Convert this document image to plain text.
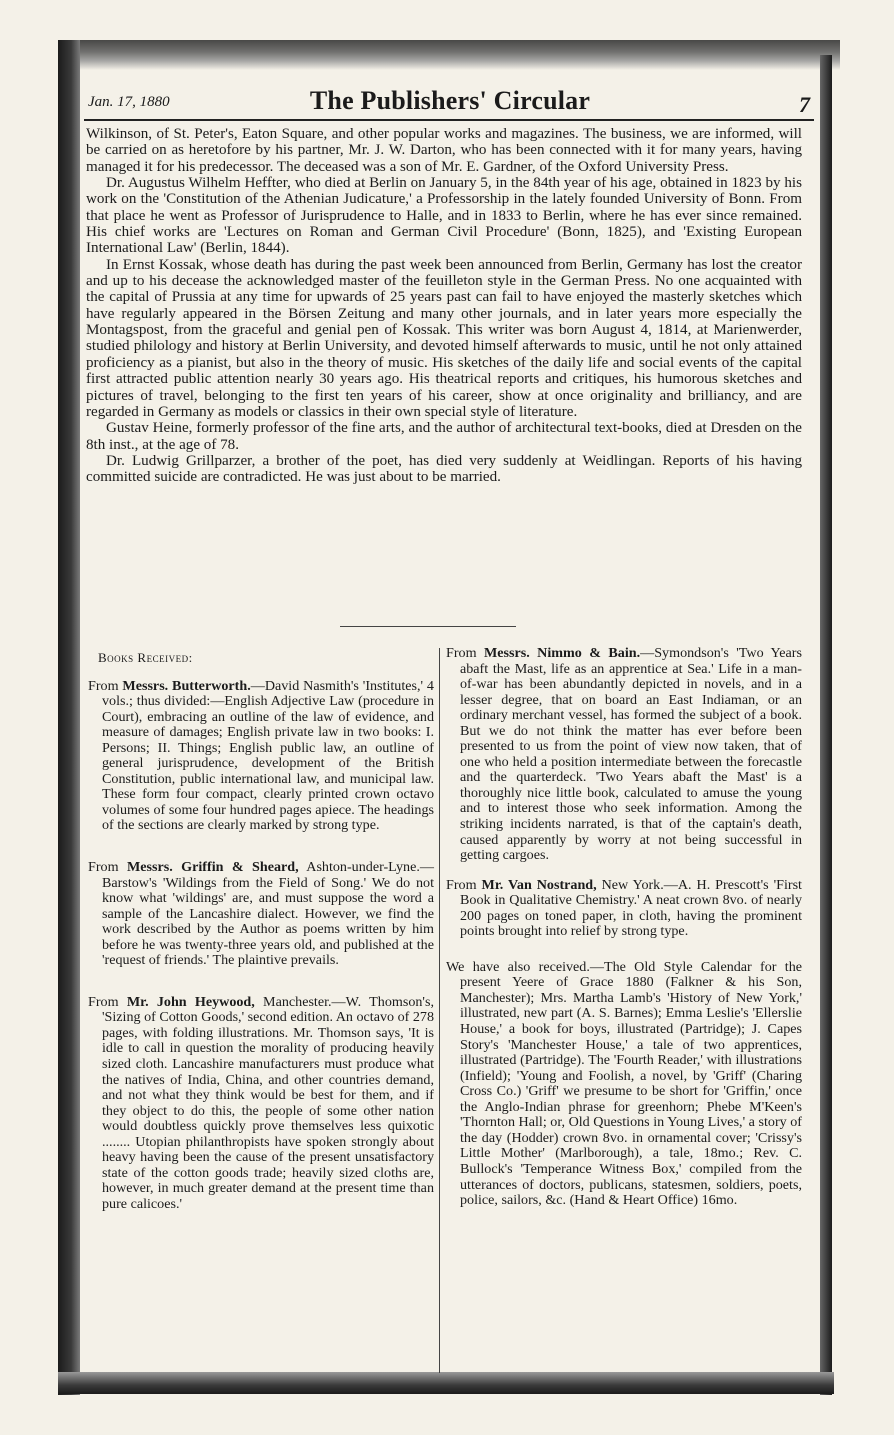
Jan. 17, 1880	The Publishers' Circular	7

Wilkinson, of St. Peter's, Eaton Square, and other popular works and magazines. The business, we are informed, will be carried on as heretofore by his partner, Mr. J. W. Darton, who has been connected with it for many years, having managed it for his predecessor. The deceased was a son of Mr. E. Gardner, of the Oxford University Press.

Dr. Augustus Wilhelm Heffter, who died at Berlin on January 5, in the 84th year of his age, obtained in 1823 by his work on the 'Constitution of the Athenian Judicature,' a Professorship in the lately founded University of Bonn. From that place he went as Professor of Jurisprudence to Halle, and in 1833 to Berlin, where he has ever since remained. His chief works are 'Lectures on Roman and German Civil Procedure' (Bonn, 1825), and 'Existing European International Law' (Berlin, 1844).

In Ernst Kossak, whose death has during the past week been announced from Berlin, Germany has lost the creator and up to his decease the acknowledged master of the feuilleton style in the German Press. No one acquainted with the capital of Prussia at any time for upwards of 25 years past can fail to have enjoyed the masterly sketches which have regularly appeared in the Börsen Zeitung and many other journals, and in later years more especially the Montagspost, from the graceful and genial pen of Kossak. This writer was born August 4, 1814, at Marienwerder, studied philology and history at Berlin University, and devoted himself afterwards to music, until he not only attained proficiency as a pianist, but also in the theory of music. His sketches of the daily life and social events of the capital first attracted public attention nearly 30 years ago. His theatrical reports and critiques, his humorous sketches and pictures of travel, belonging to the first ten years of his career, show at once originality and brilliancy, and are regarded in Germany as models or classics in their own special style of literature.

Gustav Heine, formerly professor of the fine arts, and the author of architectural text-books, died at Dresden on the 8th inst., at the age of 78.

Dr. Ludwig Grillparzer, a brother of the poet, has died very suddenly at Weidlingan. Reports of his having committed suicide are contradicted. He was just about to be married.

Books Received:

From Messrs. Butterworth.—David Nasmith's 'Institutes,' 4 vols.; thus divided:—English Adjective Law (procedure in Court), embracing an outline of the law of evidence, and measure of damages; English private law in two books: I. Persons; II. Things; English public law, an outline of general jurisprudence, development of the British Constitution, public international law, and municipal law. These form four compact, clearly printed crown octavo volumes of some four hundred pages apiece. The headings of the sections are clearly marked by strong type.

From Messrs. Griffin & Sheard, Ashton-under-Lyne.—Barstow's 'Wildings from the Field of Song.' We do not know what 'wildings' are, and must suppose the word a sample of the Lancashire dialect. However, we find the work described by the Author as poems written by him before he was twenty-three years old, and published at the 'request of friends.' The plaintive prevails.

From Mr. John Heywood, Manchester.—W. Thomson's, 'Sizing of Cotton Goods,' second edition. An octavo of 278 pages, with folding illustrations. Mr. Thomson says, 'It is idle to call in question the morality of producing heavily sized cloth. Lancashire manufacturers must produce what the natives of India, China, and other countries demand, and not what they think would be best for them, and if they object to do this, the people of some other nation would doubtless quickly prove themselves less quixotic ........ Utopian philanthropists have spoken strongly about heavy having been the cause of the present unsatisfactory state of the cotton goods trade; heavily sized cloths are, however, in much greater demand at the present time than pure calicoes.'

From Messrs. Nimmo & Bain.—Symondson's 'Two Years abaft the Mast, life as an apprentice at Sea.' Life in a man-of-war has been abundantly depicted in novels, and in a lesser degree, that on board an East Indiaman, or an ordinary merchant vessel, has formed the subject of a book. But we do not think the matter has ever before been presented to us from the point of view now taken, that of one who held a position intermediate between the forecastle and the quarterdeck. 'Two Years abaft the Mast' is a thoroughly nice little book, calculated to amuse the young and to interest those who seek information. Among the striking incidents narrated, is that of the captain's death, caused apparently by worry at not being successful in getting cargoes.

From Mr. Van Nostrand, New York.—A. H. Prescott's 'First Book in Qualitative Chemistry.' A neat crown 8vo. of nearly 200 pages on toned paper, in cloth, having the prominent points brought into relief by strong type.

We have also received.—The Old Style Calendar for the present Yeere of Grace 1880 (Falkner & his Son, Manchester); Mrs. Martha Lamb's 'History of New York,' illustrated, new part (A. S. Barnes); Emma Leslie's 'Ellerslie House,' a book for boys, illustrated (Partridge); J. Capes Story's 'Manchester House,' a tale of two apprentices, illustrated (Partridge). The 'Fourth Reader,' with illustrations (Infield); 'Young and Foolish, a novel, by 'Griff' (Charing Cross Co.) 'Griff' we presume to be short for 'Griffin,' once the Anglo-Indian phrase for greenhorn; Phebe M'Keen's 'Thornton Hall; or, Old Questions in Young Lives,' a story of the day (Hodder) crown 8vo. in ornamental cover; 'Crissy's Little Mother' (Marlborough), a tale, 18mo.; Rev. C. Bullock's 'Temperance Witness Box,' compiled from the utterances of doctors, publicans, statesmen, soldiers, poets, police, sailors, &c. (Hand & Heart Office) 16mo.
